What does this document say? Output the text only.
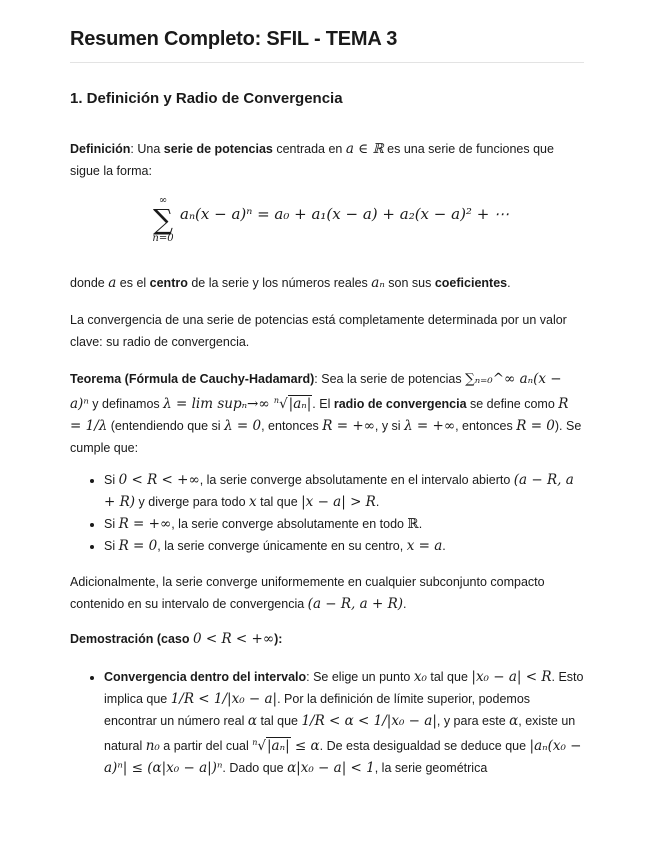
Resumen Completo: SFIL - TEMA 3
1. Definición y Radio de Convergencia

Definición: Una serie de potencias centrada en a ∈ ℝ es una serie de funciones que sigue la forma:

∞
∑
n=0
aₙ(x − a)ⁿ = a₀ + a₁(x − a) + a₂(x − a)² + ⋯

donde a es el centro de la serie y los números reales aₙ son sus coeficientes.

La convergencia de una serie de potencias está completamente determinada por un valor clave: su radio de convergencia.

Teorema (Fórmula de Cauchy-Hadamard): Sea la serie de potencias ∑ₙ₌₀^∞ aₙ(x − a)ⁿ y definamos λ = lim supₙ→∞ $^n$√|aₙ|. El radio de convergencia se define como R = 1/λ (entendiendo que si λ = 0, entonces R = +∞, y si λ = +∞, entonces R = 0). Se cumple que:

• Si 0 < R < +∞, la serie converge absolutamente en el intervalo abierto (a − R, a + R) y diverge para todo x tal que |x − a| > R.
• Si R = +∞, la serie converge absolutamente en todo ℝ.
• Si R = 0, la serie converge únicamente en su centro, x = a.

Adicionalmente, la serie converge uniformemente en cualquier subconjunto compacto contenido en su intervalo de convergencia (a − R, a + R).

Demostración (caso 0 < R < +∞):

• Convergencia dentro del intervalo: Se elige un punto x₀ tal que |x₀ − a| < R. Esto implica que 1/R < 1/|x₀ − a|. Por la definición de límite superior, podemos encontrar un número real α tal que 1/R < α < 1/|x₀ − a|, y para este α, existe un natural n₀ a partir del cual $^n$√|aₙ| ≤ α. De esta desigualdad se deduce que |aₙ(x₀ − a)ⁿ| ≤ (α|x₀ − a|)ⁿ. Dado que α|x₀ − a| < 1, la serie geométrica
